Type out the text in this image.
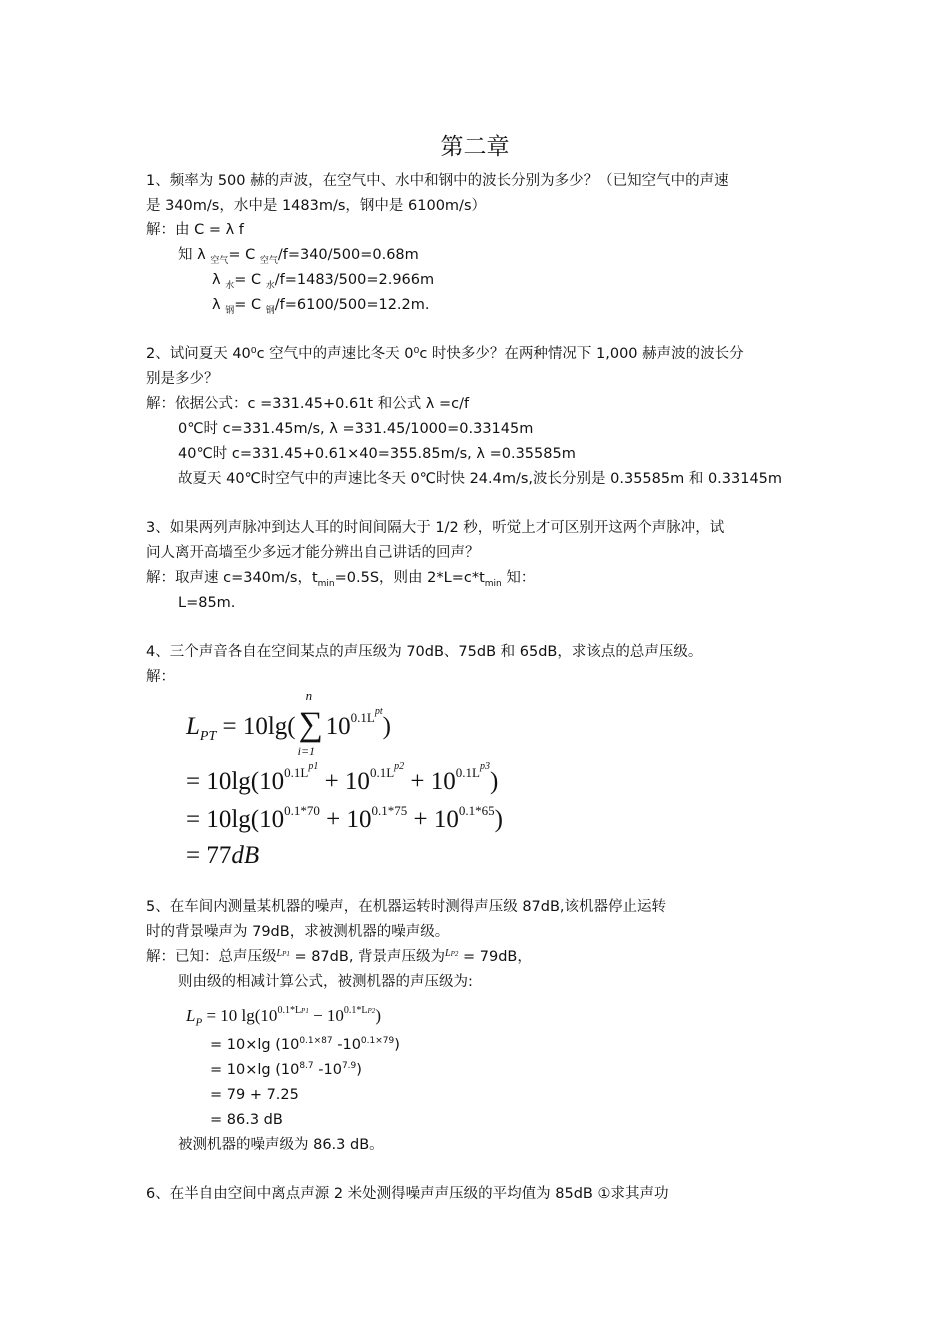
第二章
1、频率为 500 赫的声波，在空气中、水中和钢中的波长分别为多少？（已知空气中的声速
是 340m/s，水中是 1483m/s，钢中是 6100m/s）
解：由 C = λ f
知 λ $_{空气}$= C $_{空气}$/f=340/500=0.68m
λ $_水$= C $_水$/f=1483/500=2.966m
λ $_钢$= C $_钢$/f=6100/500=12.2m.
2、试问夏天 40⁰c 空气中的声速比冬天 0⁰c 时快多少？在两种情况下 1,000 赫声波的波长分
别是多少？
解：依据公式：c =331.45+0.61t 和公式 λ =c/f
0℃时 c=331.45m/s, λ =331.45/1000=0.33145m
40℃时 c=331.45+0.61×40=355.85m/s, λ =0.35585m
故夏天 40℃时空气中的声速比冬天 0℃时快 24.4m/s,波长分别是 0.35585m 和 0.33145m
3、如果两列声脉冲到达人耳的时间间隔大于 1/2 秒，听觉上才可区别开这两个声脉冲，试
问人离开高墙至少多远才能分辨出自己讲话的回声？
解：取声速 c=340m/s，$t_{min}=0.5S$，则由 $2*L=c*t_{min}$ 知：
L=85m.
4、三个声音各自在空间某点的声压级为 70dB、75dB 和 65dB，求该点的总声压级。
解：
$L_{PT} = 10\lg$( ∑
n
i=1
$10^{0.1L^{pt}}$)
= $10\lg(10^{0.1L^{p1}} + 10^{0.1L^{p2}} + 10^{0.1L^{p3}})$
= $10\lg(10^{0.1*70} + 10^{0.1*75} + 10^{0.1*65})$
= 77dB
5、在车间内测量某机器的噪声，在机器运转时测得声压级 87dB,该机器停止运转
时的背景噪声为 79dB，求被测机器的噪声级。
解：已知：总声压级$^{LP1}$ = 87dB, 背景声压级为$^{LP2}$ = 79dB，
则由级的相减计算公式，被测机器的声压级为:
$L_P = 10$ $\lg(10^{0.1*LP1} - 10^{0.1*LP2})$
= 10×lg ($10^{0.1\times 87}$ $-10^{0.1\times 79}$)
= 10×lg ($10^{8.7}$ $-10^{7.9}$)
= 79 + 7.25
= 86.3 dB
被测机器的噪声级为 86.3 dB。
6、在半自由空间中离点声源 2 米处测得噪声声压级的平均值为 85dB ①求其声功
